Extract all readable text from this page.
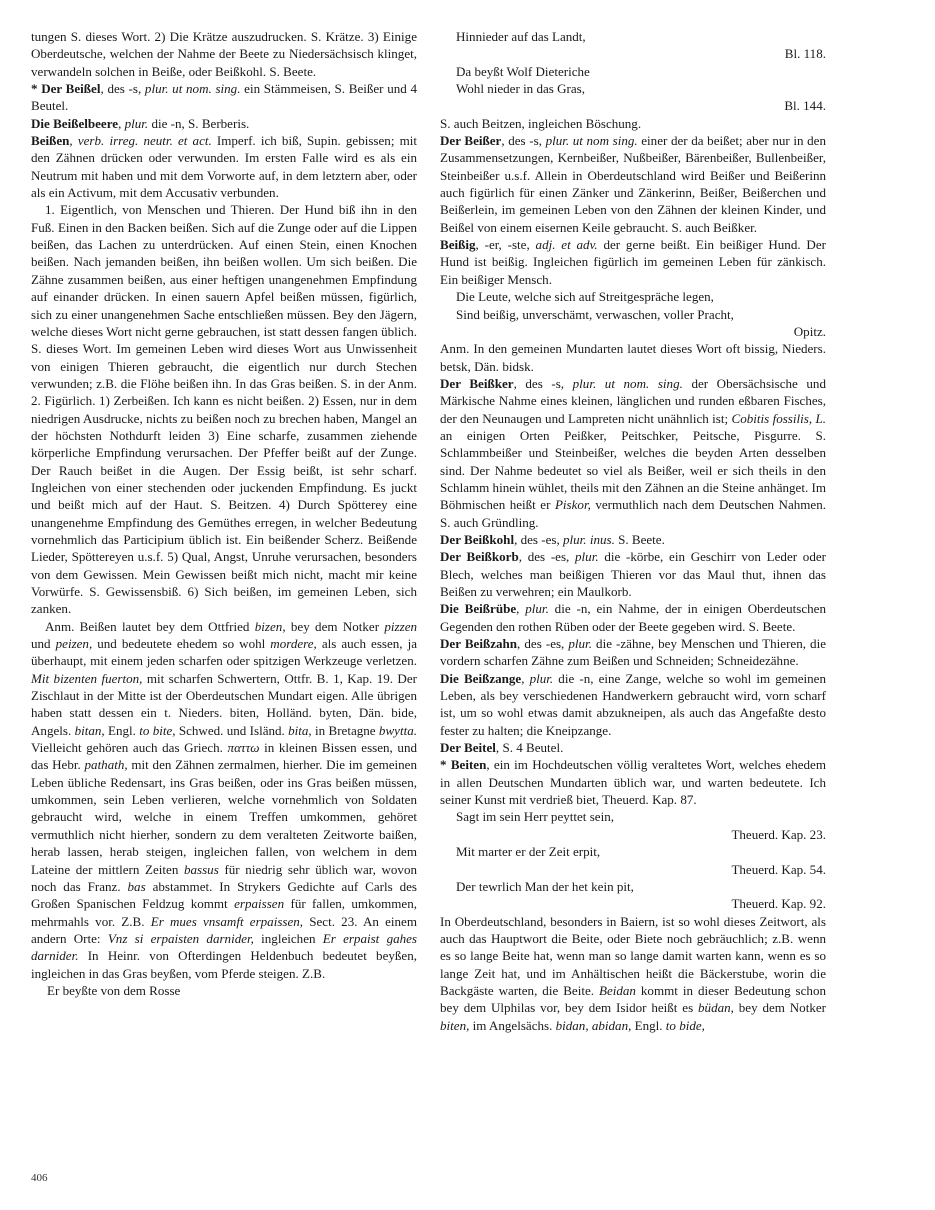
tungen S. dieses Wort. 2) Die Krätze auszudrucken. S. Krätze. 3) Einige Oberdeutsche, welchen der Nahme der Beete zu Niedersächsisch klinget, verwandeln solchen in Beiße, oder Beißkohl. S. Beete.

* Der Beißel, des -s, plur. ut nom. sing. ein Stämmeisen, S. Beißer und 4 Beutel.

Die Beißelbeere, plur. die -n, S. Berberis.

Beißen, verb. irreg. neutr. et act. Imperf. ich biß, Supin. gebissen; mit den Zähnen drücken oder verwunden. Im ersten Falle wird es als ein Neutrum mit haben und mit dem Vorworte auf, in dem letztern aber, oder als ein Activum, mit dem Accusativ verbunden.

1. Eigentlich, von Menschen und Thieren. Der Hund biß ihn in den Fuß. Einen in den Backen beißen. Sich auf die Zunge oder auf die Lippen beißen, das Lachen zu unterdrücken. Auf einen Stein, einen Knochen beißen. Nach jemanden beißen, ihn beißen wollen. Um sich beißen. Die Zähne zusammen beißen, aus einer heftigen unangenehmen Empfindung auf einander drücken. In einen sauern Apfel beißen müssen, figürlich, sich zu einer unangenehmen Sache entschließen müssen. Bey den Jägern, welche dieses Wort nicht gerne gebrauchen, ist statt dessen fangen üblich. S. dieses Wort. Im gemeinen Leben wird dieses Wort aus Unwissenheit von einigen Thieren gebraucht, die eigentlich nur durch Stechen verwunden; z.B. die Flöhe beißen ihn. In das Gras beißen. S. in der Anm. 2. Figürlich. 1) Zerbeißen. Ich kann es nicht beißen. 2) Essen, nur in dem niedrigen Ausdrucke, nichts zu beißen noch zu brechen haben, Mangel an der höchsten Nothdurft leiden 3) Eine scharfe, zusammen ziehende körperliche Empfindung verursachen. Der Pfeffer beißt auf der Zunge. Der Rauch beißet in die Augen. Der Essig beißt, ist sehr scharf. Ingleichen von einer stechenden oder juckenden Empfindung. Es juckt und beißt mich auf der Haut. S. Beitzen. 4) Durch Spötterey eine unangenehme Empfindung des Gemüthes erregen, in welcher Bedeutung vornehmlich das Participium üblich ist. Ein beißender Scherz. Beißende Lieder, Spöttereyen u.s.f. 5) Qual, Angst, Unruhe verursachen, besonders von dem Gewissen. Mein Gewissen beißt mich nicht, macht mir keine Vorwürfe. S. Gewissensbiß. 6) Sich beißen, im gemeinen Leben, sich zanken.

Anm. Beißen lautet bey dem Ottfried bizen, bey dem Notker pizzen und peizen, und bedeutete ehedem so wohl mordere, als auch essen, ja überhaupt, mit einem jeden scharfen oder spitzigen Werkzeuge verletzen. Mit bizenten fuerton, mit scharfen Schwertern, Ottfr. B. 1, Kap. 19. Der Zischlaut in der Mitte ist der Oberdeutschen Mundart eigen. Alle übrigen haben statt dessen ein t. Nieders. biten, Holländ. byten, Dän. bide, Angels. bitan, Engl. to bite, Schwed. und Isländ. bita, in Bretagne bwytta. Vielleicht gehören auch das Griech. παττω in kleinen Bissen essen, und das Hebr. pathath, mit den Zähnen zermalmen, hierher. Die im gemeinen Leben übliche Redensart, ins Gras beißen, oder ins Gras beißen müssen, umkommen, sein Leben verlieren, welche vornehmlich von Soldaten gebraucht wird, welche in einem Treffen umkommen, gehöret vermuthlich nicht hierher, sondern zu dem veralteten Zeitworte baißen, herab lassen, herab steigen, ingleichen fallen, von welchem in dem Lateine der mittlern Zeiten bassus für niedrig sehr üblich war, wovon noch das Franz. bas abstammet. In Strykers Gedichte auf Carls des Großen Spanischen Feldzug kommt erpaissen für fallen, umkommen, mehrmahls vor. Z.B. Er mues vnsamft erpaissen, Sect. 23. An einem andern Orte: Vnz si erpaisten darnider, ingleichen Er erpaist gahes darnider. In Heinr. von Ofterdingen Heldenbuch bedeutet beyßen, ingleichen in das Gras beyßen, vom Pferde steigen. Z.B.

Er beyßte von dem Rosse

Hinnieder auf das Landt,

Bl. 118.

Da beyßt Wolf Dieteriche

Wohl nieder in das Gras,

Bl. 144.

S. auch Beitzen, ingleichen Böschung.

Der Beißer, des -s, plur. ut nom sing. einer der da beißet; aber nur in den Zusammensetzungen, Kernbeißer, Nußbeißer, Bärenbeißer, Bullenbeißer, Steinbeißer u.s.f. Allein in Oberdeutschland wird Beißer und Beißerinn auch figürlich für einen Zänker und Zänkerinn, Beißer, Beißerchen und Beißerlein, im gemeinen Leben von den Zähnen der kleinen Kinder, und Beißel von einem eisernen Keile gebraucht. S. auch Beißker.

Beißig, -er, -ste, adj. et adv. der gerne beißt. Ein beißiger Hund. Der Hund ist beißig. Ingleichen figürlich im gemeinen Leben für zänkisch. Ein beißiger Mensch.

Die Leute, welche sich auf Streitgespräche legen,

Sind beißig, unverschämt, verwaschen, voller Pracht,

Opitz.

Anm. In den gemeinen Mundarten lautet dieses Wort oft bissig, Nieders. betsk, Dän. bidsk.

Der Beißker, des -s, plur. ut nom. sing. der Obersächsische und Märkische Nahme eines kleinen, länglichen und runden eßbaren Fisches, der den Neunaugen und Lampreten nicht unähnlich ist; Cobitis fossilis, L. an einigen Orten Peißker, Peitschker, Peitsche, Pisgurre. S. Schlammbeißer und Steinbeißer, welches die beyden Arten desselben sind. Der Nahme bedeutet so viel als Beißer, weil er sich theils in den Schlamm hinein wühlet, theils mit den Zähnen an die Steine anhänget. Im Böhmischen heißt er Piskor, vermuthlich nach dem Deutschen Nahmen. S. auch Gründling.

Der Beißkohl, des -es, plur. inus. S. Beete.

Der Beißkorb, des -es, plur. die -körbe, ein Geschirr von Leder oder Blech, welches man beißigen Thieren vor das Maul thut, ihnen das Beißen zu verwehren; ein Maulkorb.

Die Beißrübe, plur. die -n, ein Nahme, der in einigen Oberdeutschen Gegenden den rothen Rüben oder der Beete gegeben wird. S. Beete.

Der Beißzahn, des -es, plur. die -zähne, bey Menschen und Thieren, die vordern scharfen Zähne zum Beißen und Schneiden; Schneidezähne.

Die Beißzange, plur. die -n, eine Zange, welche so wohl im gemeinen Leben, als bey verschiedenen Handwerkern gebraucht wird, vorn scharf ist, um so wohl etwas damit abzukneipen, als auch das Angefaßte desto fester zu halten; die Kneipzange.

Der Beitel, S. 4 Beutel.

* Beiten, ein im Hochdeutschen völlig veraltetes Wort, welches ehedem in allen Deutschen Mundarten üblich war, und warten bedeutete. Ich seiner Kunst mit verdrieß biet, Theuerd. Kap. 87.

Sagt im sein Herr peyttet sein,

Theuerd. Kap. 23.

Mit marter er der Zeit erpit,

Theuerd. Kap. 54.

Der tewrlich Man der het kein pit,

Theuerd. Kap. 92.

In Oberdeutschland, besonders in Baiern, ist so wohl dieses Zeitwort, als auch das Hauptwort die Beite, oder Biete noch gebräuchlich; z.B. wenn es so lange Beite hat, wenn man so lange damit warten kann, wenn es so lange Zeit hat, und im Anhältischen heißt die Bäckerstube, worin die Backgäste warten, die Beite. Beidan kommt in dieser Bedeutung schon bey dem Ulphilas vor, bey dem Isidor heißt es büdan, bey dem Notker biten, im Angelsächs. bidan, abidan, Engl. to bide,

406
